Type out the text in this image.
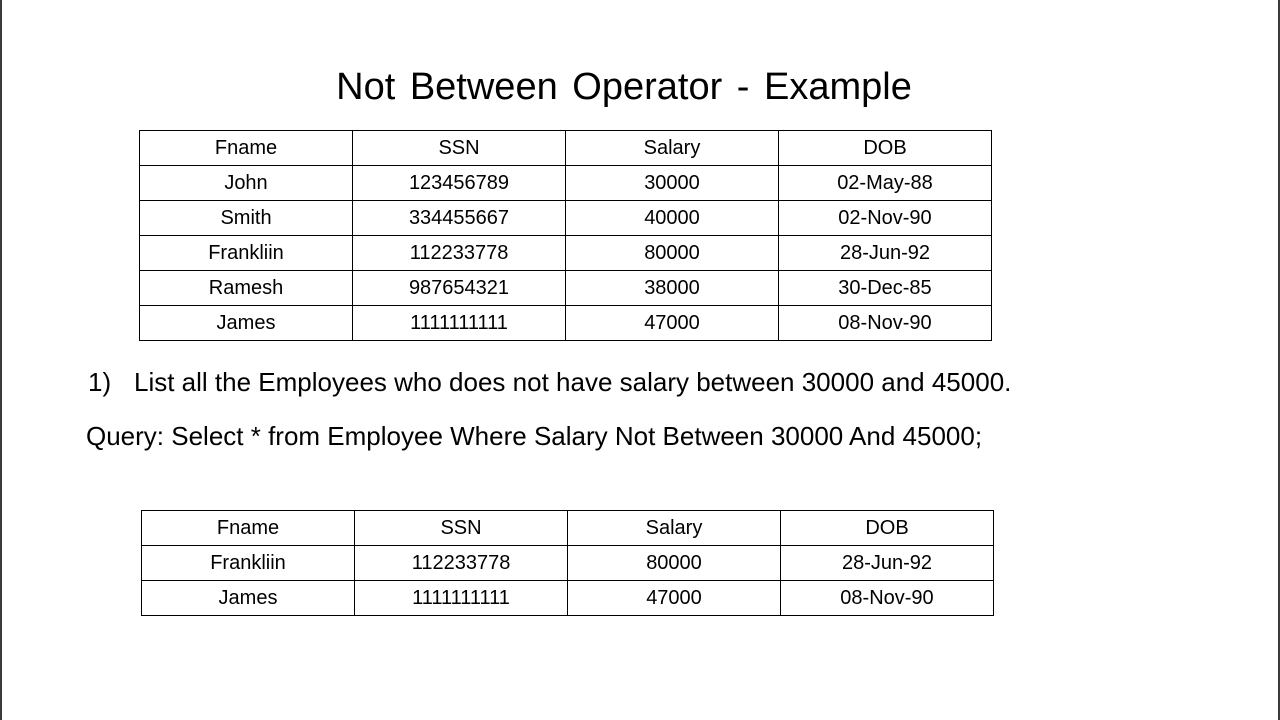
Not Between Operator - Example
Fname	SSN	Salary	DOB
John	123456789	30000	02-May-88
Smith	334455667	40000	02-Nov-90
Frankliin	112233778	80000	28-Jun-92
Ramesh	987654321	38000	30-Dec-85
James	1111111111	47000	08-Nov-90
1) List all the Employees who does not have salary between 30000 and 45000.
Query: Select * from Employee Where Salary Not Between 30000 And 45000;
Fname	SSN	Salary	DOB
Frankliin	112233778	80000	28-Jun-92
James	1111111111	47000	08-Nov-90
